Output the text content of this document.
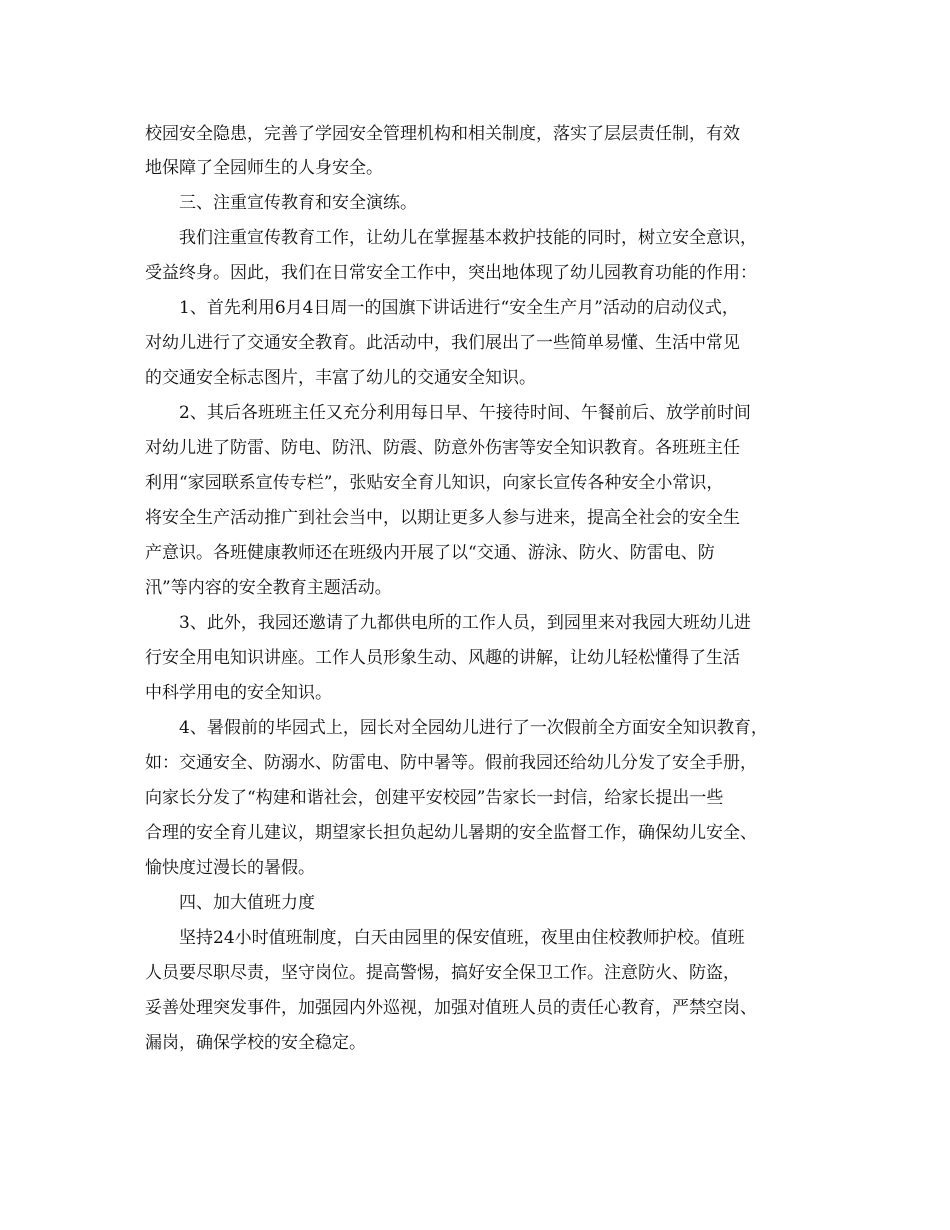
校园安全隐患，完善了学园安全管理机构和相关制度，落实了层层责任制，有效
地保障了全园师生的人身安全。
三、注重宣传教育和安全演练。
我们注重宣传教育工作，让幼儿在掌握基本救护技能的同时，树立安全意识，
受益终身。因此，我们在日常安全工作中，突出地体现了幼儿园教育功能的作用：
1、首先利用6月4日周一的国旗下讲话进行“安全生产月”活动的启动仪式，
对幼儿进行了交通安全教育。此活动中，我们展出了一些简单易懂、生活中常见
的交通安全标志图片，丰富了幼儿的交通安全知识。
2、其后各班班主任又充分利用每日早、午接待时间、午餐前后、放学前时间
对幼儿进了防雷、防电、防汛、防震、防意外伤害等安全知识教育。各班班主任
利用“家园联系宣传专栏”，张贴安全育儿知识，向家长宣传各种安全小常识，
将安全生产活动推广到社会当中，以期让更多人参与进来，提高全社会的安全生
产意识。各班健康教师还在班级内开展了以“交通、游泳、防火、防雷电、防
汛”等内容的安全教育主题活动。
3、此外，我园还邀请了九都供电所的工作人员，到园里来对我园大班幼儿进
行安全用电知识讲座。工作人员形象生动、风趣的讲解，让幼儿轻松懂得了生活
中科学用电的安全知识。
4、暑假前的毕园式上，园长对全园幼儿进行了一次假前全方面安全知识教育，
如：交通安全、防溺水、防雷电、防中暑等。假前我园还给幼儿分发了安全手册，
向家长分发了“构建和谐社会，创建平安校园”告家长一封信，给家长提出一些
合理的安全育儿建议，期望家长担负起幼儿暑期的安全监督工作，确保幼儿安全、
愉快度过漫长的暑假。
四、加大值班力度
坚持24小时值班制度，白天由园里的保安值班，夜里由住校教师护校。值班
人员要尽职尽责，坚守岗位。提高警惕，搞好安全保卫工作。注意防火、防盗，
妥善处理突发事件，加强园内外巡视，加强对值班人员的责任心教育，严禁空岗、
漏岗，确保学校的安全稳定。
